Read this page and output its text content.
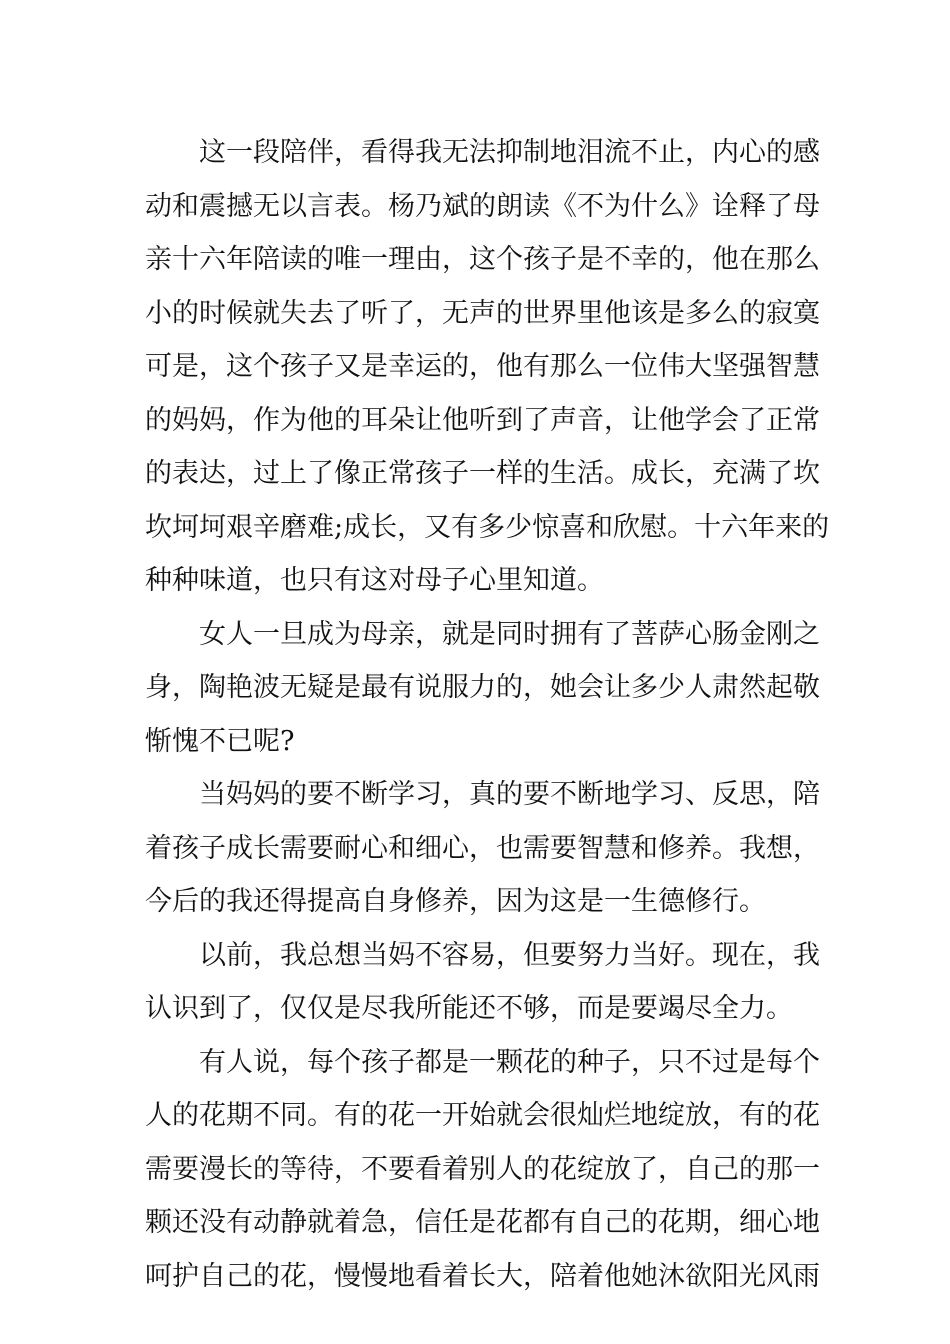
这一段陪伴，看得我无法抑制地泪流不止，内心的感
动和震撼无以言表。杨乃斌的朗读《不为什么》诠释了母
亲十六年陪读的唯一理由，这个孩子是不幸的，他在那么
小的时候就失去了听了，无声的世界里他该是多么的寂寞
可是，这个孩子又是幸运的，他有那么一位伟大坚强智慧
的妈妈，作为他的耳朵让他听到了声音，让他学会了正常
的表达，过上了像正常孩子一样的生活。成长，充满了坎
坎坷坷艰辛磨难;成长，又有多少惊喜和欣慰。十六年来的
种种味道，也只有这对母子心里知道。
女人一旦成为母亲，就是同时拥有了菩萨心肠金刚之
身，陶艳波无疑是最有说服力的，她会让多少人肃然起敬
惭愧不已呢?
当妈妈的要不断学习，真的要不断地学习、反思，陪
着孩子成长需要耐心和细心，也需要智慧和修养。我想，
今后的我还得提高自身修养，因为这是一生德修行。
以前，我总想当妈不容易，但要努力当好。现在，我
认识到了，仅仅是尽我所能还不够，而是要竭尽全力。
有人说，每个孩子都是一颗花的种子，只不过是每个
人的花期不同。有的花一开始就会很灿烂地绽放，有的花
需要漫长的等待，不要看着别人的花绽放了，自己的那一
颗还没有动静就着急，信任是花都有自己的花期，细心地
呵护自己的花，慢慢地看着长大，陪着他她沐欲阳光风雨
